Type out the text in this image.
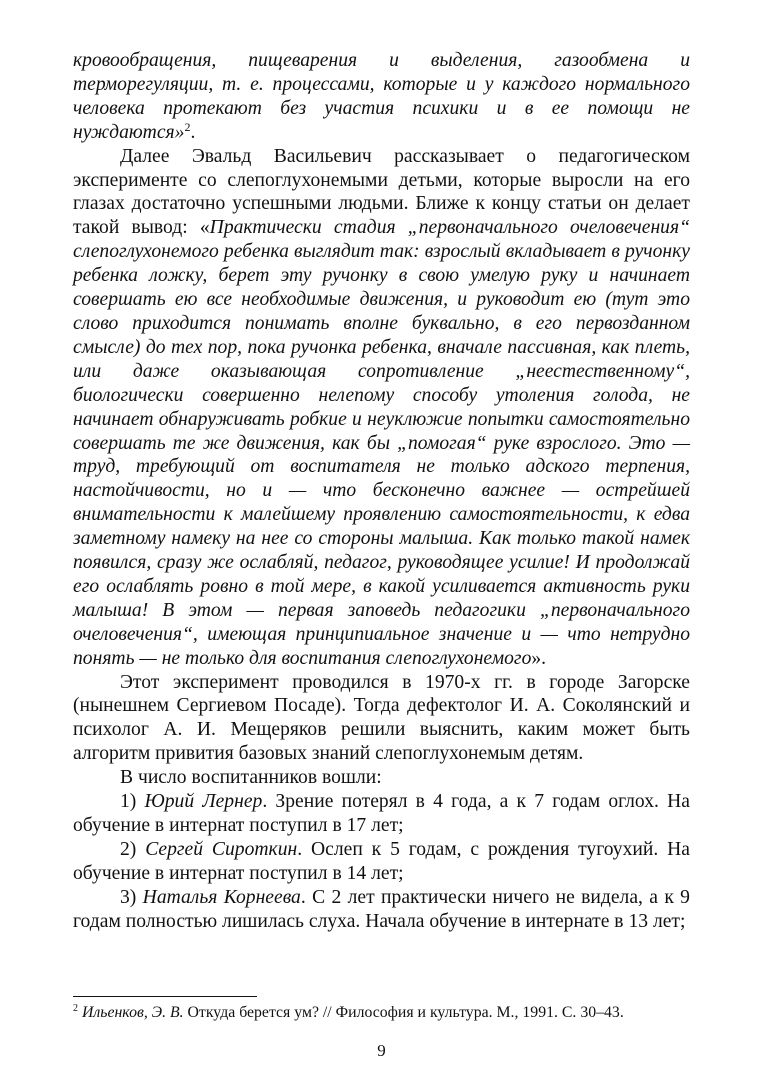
кровообращения, пищеварения и выделения, газообмена и терморегуляции, т. е. процессами, которые и у каждого нормального человека протекают без участия психики и в ее помощи не нуждаются»$^2$.

Далее Эвальд Васильевич рассказывает о педагогическом эксперименте со слепоглухонемыми детьми, которые выросли на его глазах достаточно успешными людьми. Ближе к концу статьи он делает такой вывод: «Практически стадия „первоначального очеловечения“ слепоглухонемого ребенка выглядит так: взрослый вкладывает в ручонку ребенка ложку, берет эту ручонку в свою умелую руку и начинает совершать ею все необходимые движения, и руководит ею (тут это слово приходится понимать вполне буквально, в его первозданном смысле) до тех пор, пока ручонка ребенка, вначале пассивная, как плеть, или даже оказывающая сопротивление „неестественному“, биологически совершенно нелепому способу утоления голода, не начинает обнаруживать робкие и неуклюжие попытки самостоятельно совершать те же движения, как бы „помогая“ руке взрослого. Это — труд, требующий от воспитателя не только адского терпения, настойчивости, но и — что бесконечно важнее — острейшей внимательности к малейшему проявлению самостоятельности, к едва заметному намеку на нее со стороны малыша. Как только такой намек появился, сразу же ослабляй, педагог, руководящее усилие! И продолжай его ослаблять ровно в той мере, в какой усиливается активность руки малыша! В этом — первая заповедь педагогики „первоначального очеловечения“, имеющая принципиальное значение и — что нетрудно понять — не только для воспитания слепоглухонемого».

Этот эксперимент проводился в 1970-х гг. в городе Загорске (нынешнем Сергиевом Посаде). Тогда дефектолог И. А. Соколянский и психолог А. И. Мещеряков решили выяснить, каким может быть алгоритм привития базовых знаний слепоглухонемым детям.

В число воспитанников вошли:

1) Юрий Лернер. Зрение потерял в 4 года, а к 7 годам оглох. На обучение в интернат поступил в 17 лет;

2) Сергей Сироткин. Ослеп к 5 годам, с рождения тугоухий. На обучение в интернат поступил в 14 лет;

3) Наталья Корнеева. С 2 лет практически ничего не видела, а к 9 годам полностью лишилась слуха. Начала обучение в интернате в 13 лет;

$^2$ Ильенков, Э. В. Откуда берется ум? // Философия и культура. М., 1991. С. 30–43.
9
